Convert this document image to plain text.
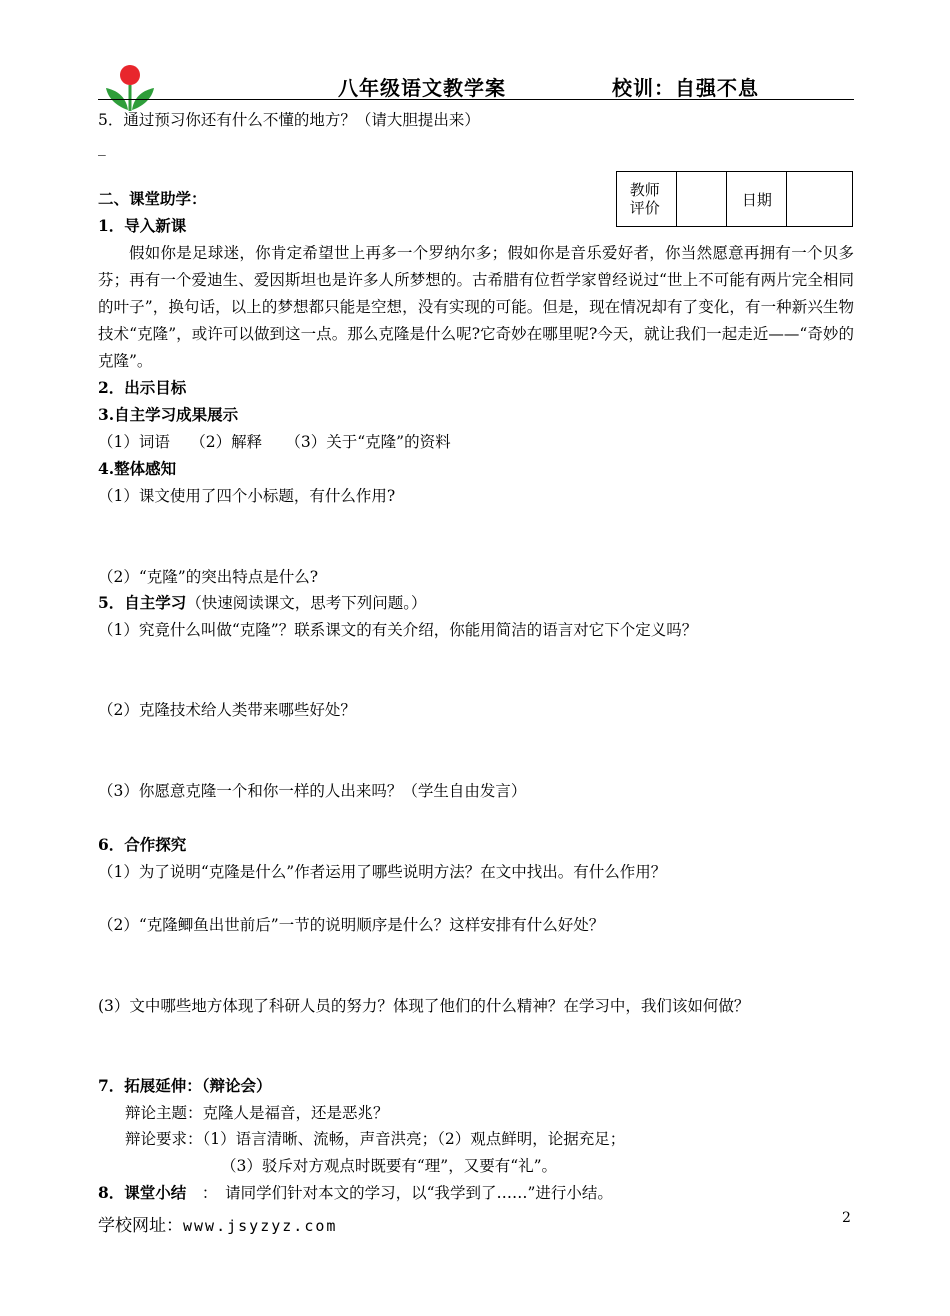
八年级语文教学案	校训：自强不息
5．通过预习你还有什么不懂的地方？（请大胆提出来）
_
二、课堂助学：	教师评价		日期	
1．导入新课
假如你是足球迷，你肯定希望世上再多一个罗纳尔多；假如你是音乐爱好者，你当然愿意再拥有一个贝多芬；再有一个爱迪生、爱因斯坦也是许多人所梦想的。古希腊有位哲学家曾经说过“世上不可能有两片完全相同的叶子”，换句话，以上的梦想都只能是空想，没有实现的可能。但是，现在情况却有了变化，有一种新兴生物技术“克隆”，或许可以做到这一点。那么克隆是什么呢?它奇妙在哪里呢?今天，就让我们一起走近——“奇妙的克隆”。
2．出示目标
3.自主学习成果展示
（1）词语　 （2）解释　　（3）关于“克隆”的资料
4.整体感知
（1）课文使用了四个小标题，有什么作用?
（2）“克隆”的突出特点是什么?
5．自主学习（快速阅读课文，思考下列问题。）
（1）究竟什么叫做“克隆”？联系课文的有关介绍，你能用简洁的语言对它下个定义吗？
（2）克隆技术给人类带来哪些好处？
（3）你愿意克隆一个和你一样的人出来吗？（学生自由发言）
6．合作探究
（1）为了说明“克隆是什么”作者运用了哪些说明方法？在文中找出。有什么作用？
（2）“克隆鲫鱼出世前后”一节的说明顺序是什么？这样安排有什么好处？
(3）文中哪些地方体现了科研人员的努力？体现了他们的什么精神？在学习中，我们该如何做？
7．拓展延伸：（辩论会）
辩论主题：克隆人是福音，还是恶兆？
辩论要求：（1）语言清晰、流畅，声音洪亮；（2）观点鲜明，论据充足；
（3）驳斥对方观点时既要有“理”，又要有“礼”。
8．课堂小结　 ：　请同学们针对本文的学习，以“我学到了……”进行小结。
学校网址：www.jsyzyz.com	2
